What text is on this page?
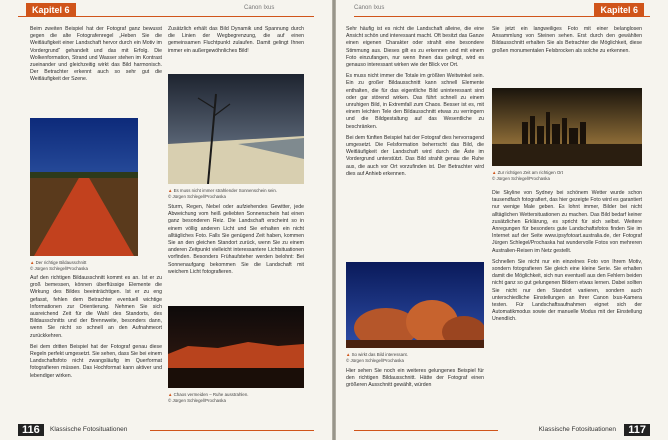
Kapitel 6	Canon Ixus

Beim zweiten Beispiel hat der Fotograf ganz bewusst gegen die alte Fotografenregel „Heben Sie die Weitläufigkeit einer Landschaft hervor durch ein Motiv im Vordergrund“ gehandelt und das mit Erfolg. Die Wolkenformation, Strand und Wasser stehen im Kontrast zueinander und gleichzeitig wirkt das Bild harmonisch. Der Betrachter erkennt auch so sehr gut die Weitläufigkeit der Szene.

▲ Der richtige Bildausschnitt
© Jürgen Schlegel/Prochaska

Auf den richtigen Bildausschnitt kommt es an. Ist er zu groß bemessen, können überflüssige Elemente die Wirkung des Bildes beeinträchtigen. Ist er zu eng gefasst, fehlen dem Betrachter eventuell wichtige Informationen zur Orientierung. Nehmen Sie sich ausreichend Zeit für die Wahl des Standorts, des Bildausschnitts und der Brennweite, besonders dann, wenn Sie nicht so schnell an den Aufnahmeort zurückkehren.

Bei dem dritten Beispiel hat der Fotograf genau diese Regeln perfekt umgesetzt. Sie sehen, dass Sie bei einem Landschaftsfoto nicht zwangsläufig im Querformat fotografieren müssen. Das Hochformat kann aktiver und lebendiger wirken.

Zusätzlich erhält das Bild Dynamik und Spannung durch die Linien der Wegbegrenzung, die auf einen gemeinsamen Fluchtpunkt zulaufen. Damit gelingt Ihnen immer ein außergewöhnliches Bild!

▲ Es muss nicht immer strahlender Sonnenschein sein.
© Jürgen Schlegel/Prochaska

Sturm, Regen, Nebel oder aufziehendes Gewitter, jede Abweichung vom heiß geliebten Sonnenschein hat einen ganz besonderen Reiz. Die Landschaft erscheint so in einem völlig anderen Licht und Sie erhalten ein nicht alltägliches Foto. Falls Sie genügend Zeit haben, kommen Sie an den gleichen Standort zurück, wenn Sie zu einem anderen Zeitpunkt vielleicht interessantere Lichtsituationen vorfinden. Besonders Frühaufsteher werden belohnt: Bei Sonnenaufgang bekommen Sie die Landschaft mit weichem Licht fotografieren.

▲ Chaos vermeiden – Ruhe ausstrahlen.
© Jürgen Schlegel/Prochaska
116	Klassische Fotosituationen
Canon Ixus	Kapitel 6

Sehr häufig ist es nicht die Landschaft alleine, die eine Ansicht schön und interessant macht. Oft besitzt das Ganze einen eigenen Charakter oder strahlt eine besondere Stimmung aus. Dieses gilt es zu erkennen und mit einem Foto einzufangen, nur wenn Ihnen das gelingt, wird es genauso interessant wirken wie der Blick vor Ort.

Es muss nicht immer die Totale im größten Weitwinkel sein. Ein zu großer Bildausschnitt kann schnell Elemente enthalten, die für das eigentliche Bild uninteressant sind oder gar störend wirken. Das führt schnell zu einem unruhigen Bild, in Extremfall zum Chaos. Besser ist es, mit einem leichten Tele den Bildausschnitt etwas zu verringern und die Bildgestaltung auf das Wesentliche zu beschränken.

Bei dem fünften Beispiel hat der Fotograf dies hervorragend umgesetzt. Die Felsformation beherrscht das Bild, die Weitläufigkeit der Landschaft wird durch die Äste im Vordergrund unterstützt. Das Bild strahlt genau die Ruhe aus, die auch vor Ort vorzufinden ist. Der Betrachter wird dies auf Anhieb erkennen.

▲ So wirkt das Bild interessant.
© Jürgen Schlegel/Prochaska

Hier sehen Sie noch ein weiteres gelungenes Beispiel für den richtigen Bildausschnitt. Hätte der Fotograf einen größeren Ausschnitt gewählt, würden

Sie jetzt ein langweiliges Foto mit einer belanglosen Ansammlung von Steinen sehen. Erst durch den gewählten Bildausschnitt erhalten Sie als Betrachter die Möglichkeit, diese großen monumentalen Felsbrocken als solche zu erkennen.

▲ Zur richtigen Zeit am richtigen Ort
© Jürgen Schlegel/Prochaska

Die Skyline von Sydney bei schönem Wetter wurde schon tausendfach fotografiert, das hier gezeigte Foto wird es garantiert nur wenige Male geben. Es lohnt immer, Bilder bei nicht alltäglichen Wettersituationen zu machen. Das Bild bedarf keiner zusätzlichen Erklärung, es spricht für sich selbst. Weitere Anregungen für besonders gute Landschaftsfotos finden Sie im Internet auf der Seite www.ipsyfotoart.australia.de, der Fotograf Jürgen Schlegel/Prochaska hat wundervolle Fotos von mehreren Australien-Reisen im Netz gestellt.

Schnellen Sie nicht nur ein einzelnes Foto von Ihrem Motiv, sondern fotografieren Sie gleich eine kleine Serie. Sie erhalten damit die Möglichkeit, sich nun eventuell aus den Fehlern beiden nicht ganz so gut gelungenen Bildern etwas lernen. Dabei sollten Sie nicht nur den Standort variieren, sondern auch unterschiedliche Einstellungen an Ihrer Canon Ixus-Kamera testen. Für Landschaftsaufnahmen eignet sich der Automatikmodus sowie der manuelle Modus mit der Einstellung Unendlich.

Klassische Fotosituationen	117
